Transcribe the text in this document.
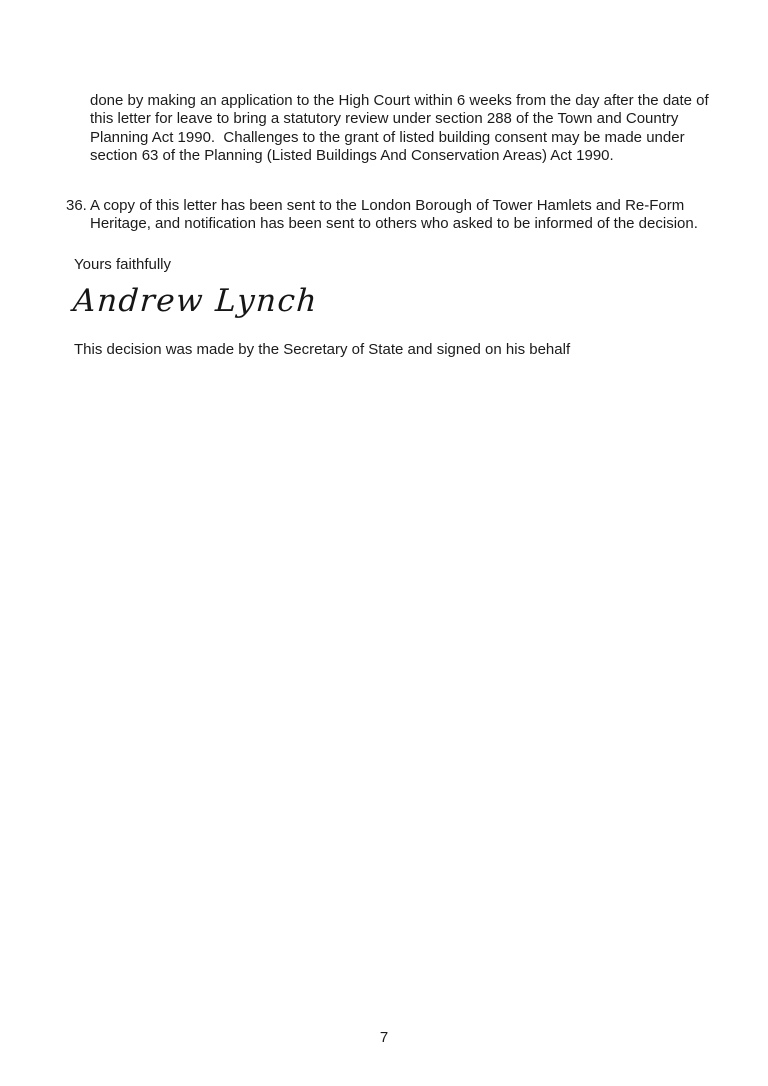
done by making an application to the High Court within 6 weeks from the day after the date of this letter for leave to bring a statutory review under section 288 of the Town and Country Planning Act 1990.  Challenges to the grant of listed building consent may be made under section 63 of the Planning (Listed Buildings And Conservation Areas) Act 1990.

36. A copy of this letter has been sent to the London Borough of Tower Hamlets and Re-Form Heritage, and notification has been sent to others who asked to be informed of the decision.

Yours faithfully

Andrew Lynch

This decision was made by the Secretary of State and signed on his behalf

7
